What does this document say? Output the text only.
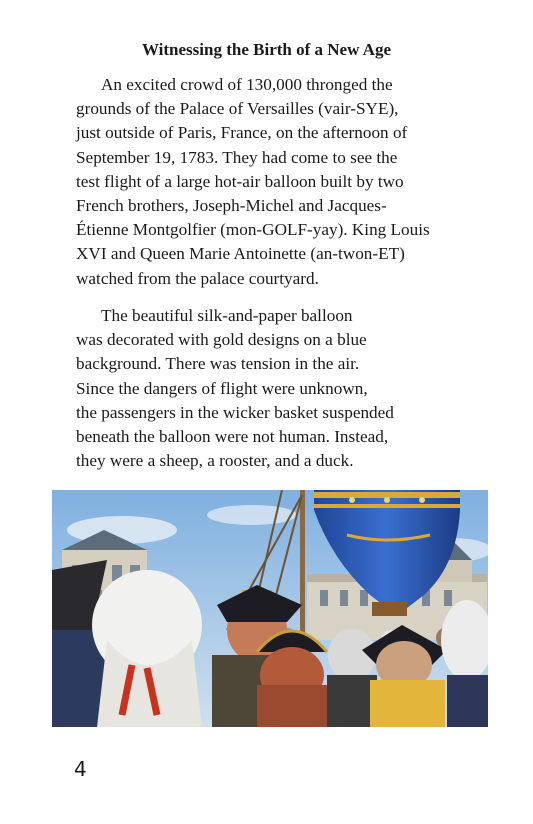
Witnessing the Birth of a New Age

An excited crowd of 130,000 thronged the
grounds of the Palace of Versailles (vair-SYE),
just outside of Paris, France, on the afternoon of
September 19, 1783. They had come to see the
test flight of a large hot-air balloon built by two
French brothers, Joseph-Michel and Jacques-
Étienne Montgolfier (mon-GOLF-yay). King Louis
XVI and Queen Marie Antoinette (an-twon-ET)
watched from the palace courtyard.

The beautiful silk-and-paper balloon
was decorated with gold designs on a blue
background. There was tension in the air.
Since the dangers of flight were unknown,
the passengers in the wicker basket suspended
beneath the balloon were not human. Instead,
they were a sheep, a rooster, and a duck.

4
